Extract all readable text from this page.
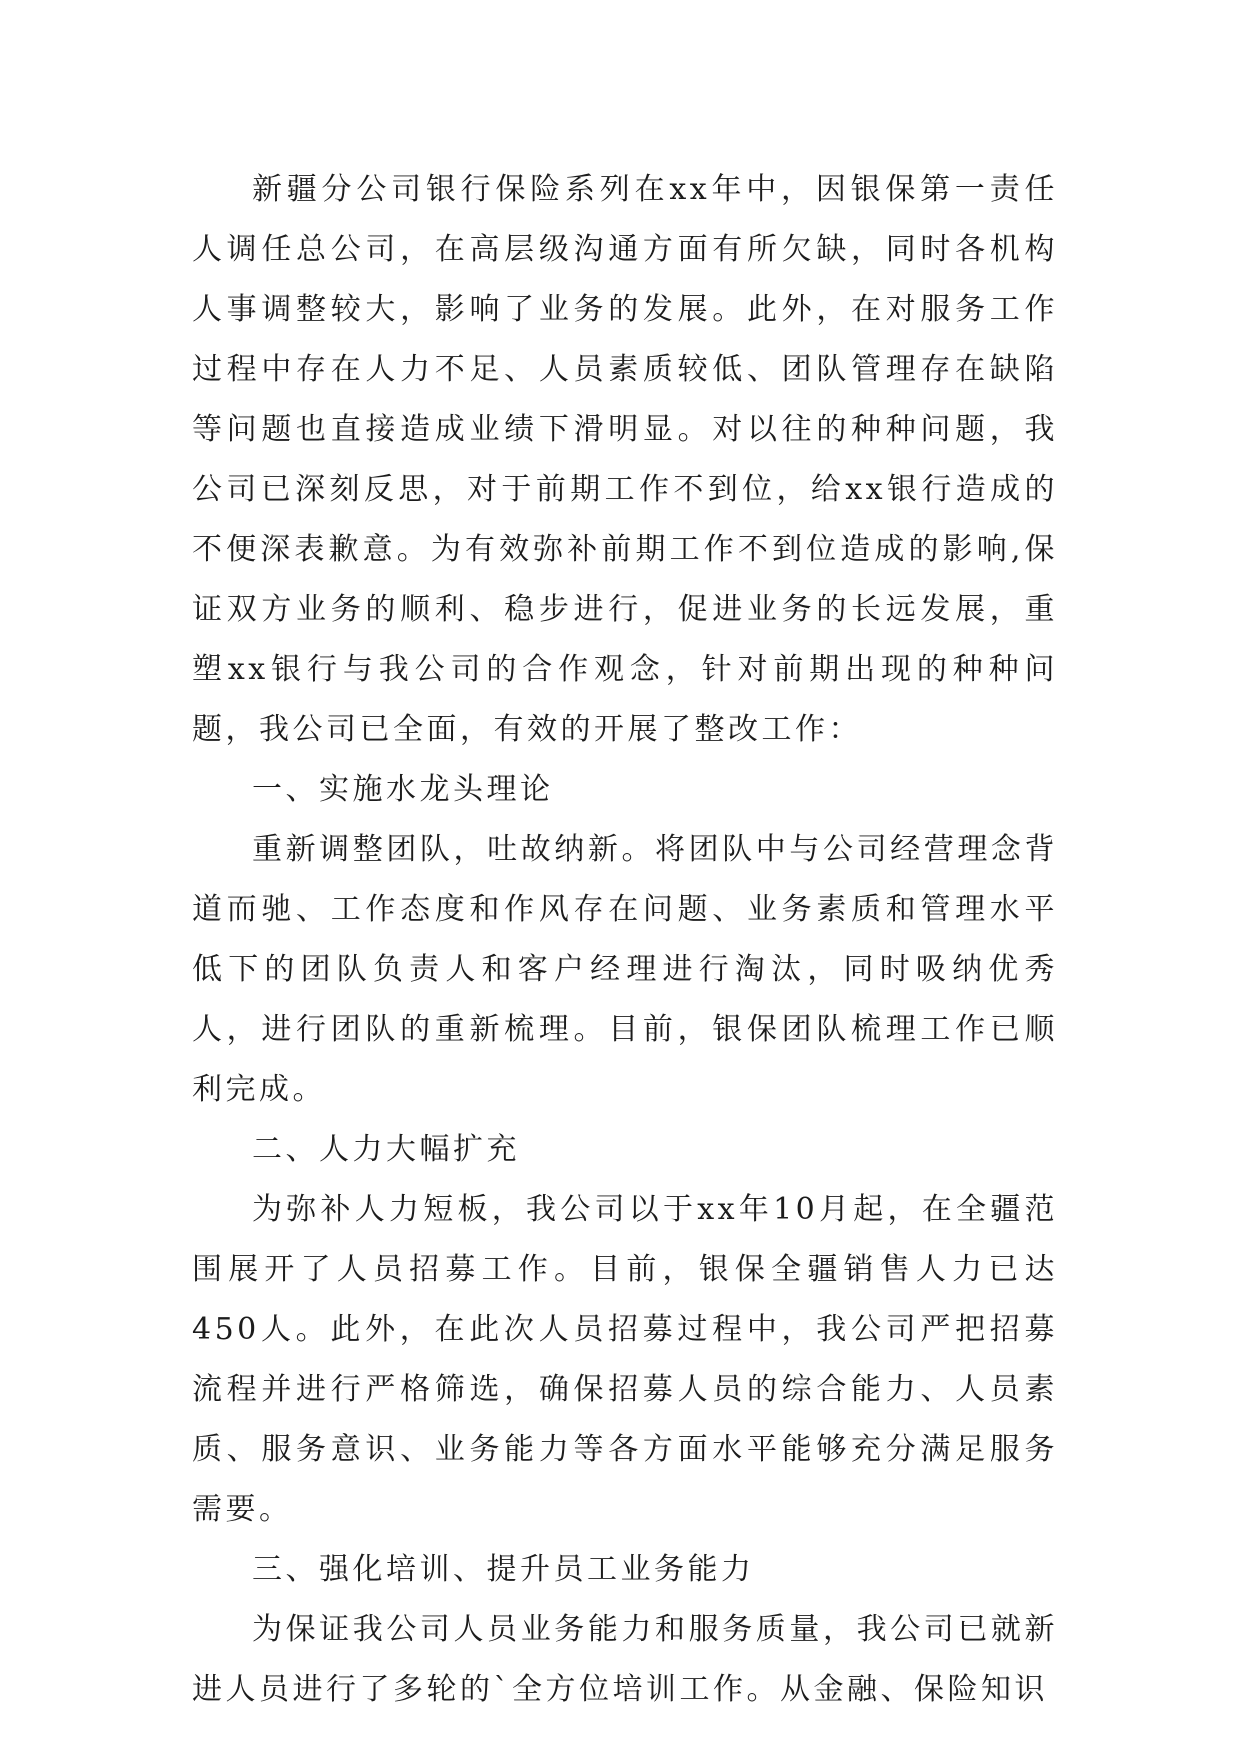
新疆分公司银行保险系列在xx年中，因银保第一责任人调任总公司，在高层级沟通方面有所欠缺，同时各机构人事调整较大，影响了业务的发展。此外，在对服务工作过程中存在人力不足、人员素质较低、团队管理存在缺陷等问题也直接造成业绩下滑明显。对以往的种种问题，我公司已深刻反思，对于前期工作不到位，给xx银行造成的不便深表歉意。为有效弥补前期工作不到位造成的影响,保证双方业务的顺利、稳步进行，促进业务的长远发展，重塑xx银行与我公司的合作观念，针对前期出现的种种问题，我公司已全面，有效的开展了整改工作：

一、实施水龙头理论

重新调整团队，吐故纳新。将团队中与公司经营理念背道而驰、工作态度和作风存在问题、业务素质和管理水平低下的团队负责人和客户经理进行淘汰，同时吸纳优秀人，进行团队的重新梳理。目前，银保团队梳理工作已顺利完成。

二、人力大幅扩充

为弥补人力短板，我公司以于xx年10月起，在全疆范围展开了人员招募工作。目前，银保全疆销售人力已达450人。此外，在此次人员招募过程中，我公司严把招募流程并进行严格筛选，确保招募人员的综合能力、人员素质、服务意识、业务能力等各方面水平能够充分满足服务需要。

三、强化培训、提升员工业务能力

为保证我公司人员业务能力和服务质量，我公司已就新进人员进行了多轮的`全方位培训工作。从金融、保险知识
